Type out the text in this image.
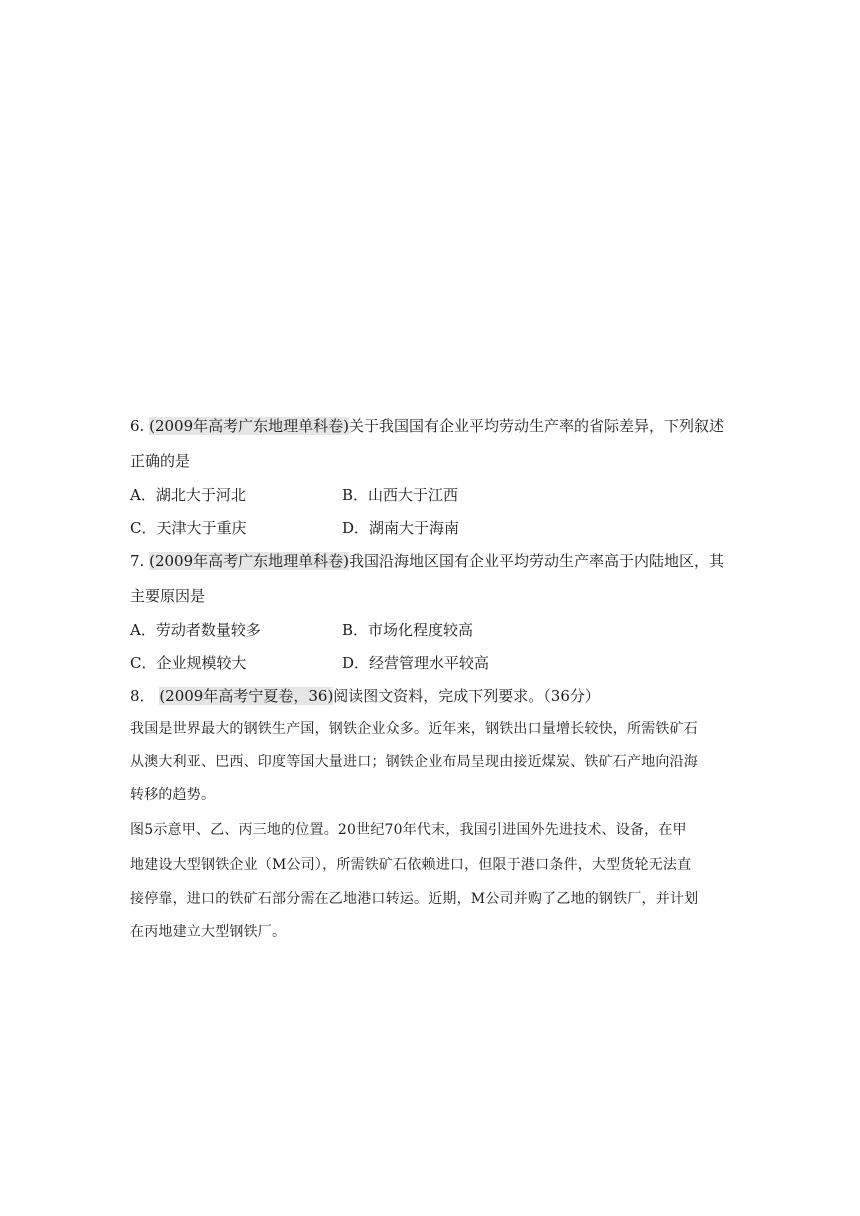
6. (2009年高考广东地理单科卷)关于我国国有企业平均劳动生产率的省际差异，下列叙述
正确的是
A．湖北大于河北	B．山西大于江西
C．天津大于重庆	D．湖南大于海南
7. (2009年高考广东地理单科卷)我国沿海地区国有企业平均劳动生产率高于内陆地区，其
主要原因是
A．劳动者数量较多	B．市场化程度较高
C．企业规模较大	D．经营管理水平较高
8． (2009年高考宁夏卷，36)阅读图文资料，完成下列要求。（36分）
我国是世界最大的钢铁生产国，钢铁企业众多。近年来，钢铁出口量增长较快，所需铁矿石
从澳大利亚、巴西、印度等国大量进口；钢铁企业布局呈现由接近煤炭、铁矿石产地向沿海
转移的趋势。
图5示意甲、乙、丙三地的位置。20世纪70年代末，我国引进国外先进技术、设备，在甲
地建设大型钢铁企业（M公司），所需铁矿石依赖进口，但限于港口条件，大型货轮无法直
接停靠，进口的铁矿石部分需在乙地港口转运。近期，M公司并购了乙地的钢铁厂，并计划
在丙地建立大型钢铁厂。
